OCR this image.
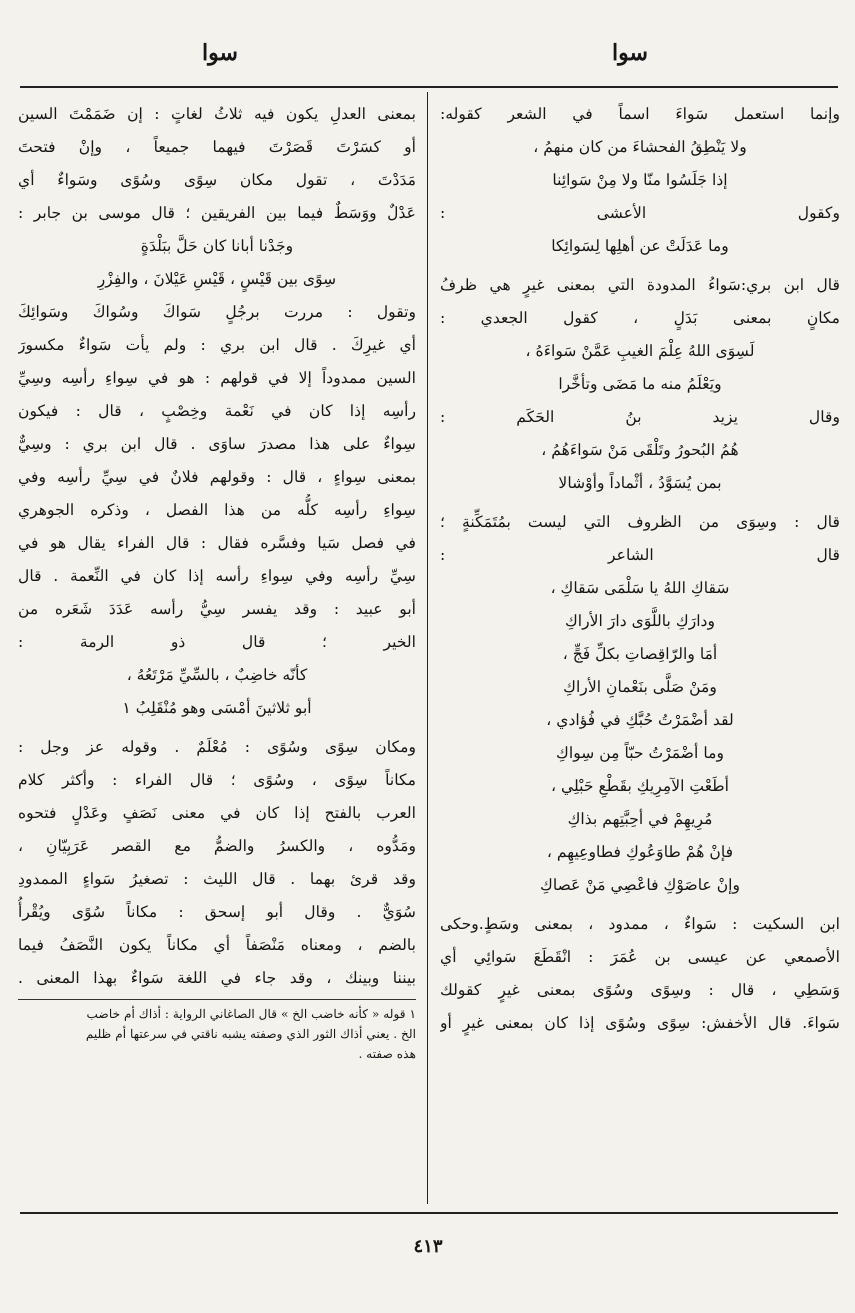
سوا
سوا
وإنما استعمل سَواءَ اسماً في الشعر كقوله:
ولا يَنْطِقُ الفحشاءَ من كان منهمُ ،
إذا جَلَسُوا منّا ولا مِنْ سَوائِنا
وكقول الأعشى :
وما عَدَلَتْ عن أهلِها لِسَوائِكا
قال ابن بري:سَواءُ المدودة التي بمعنى غيرٍ هي ظرفُ
مكانٍ بمعنى بَدَلٍ ، كقول الجعدي :
لَسِوَى اللهُ عِلْمَ الغيبِ عَمَّنْ سَواءَهُ ،
ويَعْلَمُ منه ما مَضَى وتأخَّرا
وقال يزيد بنُ الحَكَم :
هُمُ البُحورُ وتَلْقَى مَنْ سَواءَهُمُ ،
بمن يُسَوَّدُ ، أثْماداً وأوْشالا
قال : وسِوَى من الظروف التي ليست بمُتَمَكِّنةٍ ؛
قال الشاعر :
سَقاكِ اللهُ يا سَلْمَى سَقاكِ ،
ودارَكِ باللَّوَى دارَ الأراكِ
أمَا والرّاقِصاتِ بكلِّ فَجٍّ ،
ومَنْ صَلَّى بنَعْمانِ الأراكِ
لقد أضْمَرْتُ حُبَّكِ في فُؤادي ،
وما أضْمَرْتُ حبّاً مِن سِواكِ
أطَعْتِ الآمِرِيكِ بقَطْعِ حَبْلِي ،
مُرِيهِمْ في أحِبَّتِهم بذاكِ
فإنْ هُمْ طاوَعُوكِ فطاوعِيهِم ،
وإنْ عاصَوْكِ فاعْصِي مَنْ عَصاكِ
ابن السكيت : سَواءٌ ، ممدود ، بمعنى وسَطٍ.وحكى
الأصمعي عن عيسى بن عُمَرَ : انْقَطَعَ سَوائِي أي
وَسَطِي ، قال : وسِوًى وسُوًى بمعنى غيرٍ كقولك
سَواءَ. قال الأخفش: سِوًى وسُوًى إذا كان بمعنى غيرٍ أو
بمعنى العدلِ يكون فيه ثلاثُ لغاتٍ : إن ضَمَمْتَ السين
أو كسَرْتَ قَصَرْتَ فيهما جميعاً ، وإنْ فتحتَ
مَدَدْتَ ، تقول مكان سِوًى وسُوًى وسَواءٌ أي
عَدْلٌ ووَسَطٌ فيما بين الفريقين ؛ قال موسى بن جابر :
وجَدْنا أبانا كان حَلَّ ببَلْدَةٍ
سِوًى بين قَيْسٍ ، قَيْسِ عَيْلانَ ، والفِزْرِ
وتقول : مررت برجُلٍ سَواكَ وسُواكَ وسَوائِكَ
أي غيرِكَ . قال ابن بري : ولم يأت سَواءٌ مكسورَ
السين ممدوداً إلا في قولهم : هو في سِواءِ رأسِه وسِيِّ
رأسِه إذا كان في نَعْمة وخِصْبٍ ، قال : فيكون
سِواءٌ على هذا مصدرَ ساوَى . قال ابن بري : وسِيٌّ
بمعنى سِواءٍ ، قال : وقولهم فلانٌ في سِيِّ رأسِه وفي
سِواءِ رأسِه كلُّه من هذا الفصل ، وذكره الجوهري
في فصل سَيا وفسَّره فقال : قال الفراء يقال هو في
سِيِّ رأسِه وفي سِواءِ رأسه إذا كان في النِّعمة . قال
أبو عبيد : وقد يفسر سِيُّ رأسه عَدَدَ شَعَره من
الخير ؛ قال ذو الرمة :
كأنّه خاضِبٌ ، بالسِّيِّ مَرْتَعُهُ ،
أبو ثلاثينَ أمْسَى وهو مُنْقَلِبُ ١
ومكان سِوًى وسُوًى : مُعْلَمٌ . وقوله عز وجل :
مكاناً سِوًى ، وسُوًى ؛ قال الفراء : وأكثر كلام
العرب بالفتح إذا كان في معنى نَصَفٍ وعَدْلٍ فتحوه
ومَدُّوه ، والكسرُ والضمُّ مع القصر عَرَبِيّانِ ،
وقد قرئ بهما . قال الليث : تصغيرُ سَواءٍ الممدودِ
سُوَيٌّ . وقال أبو إسحق : مكاناً سُوًى ويُقْرأُ
بالضم ، ومعناه مَنْصَفاً أي مكاناً يكون النَّصَفُ فيما
بيننا وبينك ، وقد جاء في اللغة سَواءٌ بهذا المعنى .
١ قوله « كأنه خاضب الخ » قال الصاغاني الرواية : أذاك أم خاضب
الخ . يعني أذاك الثور الذي وصفته يشبه ناقتي في سرعتها أم ظليم
هذه صفته .
٤١٣
